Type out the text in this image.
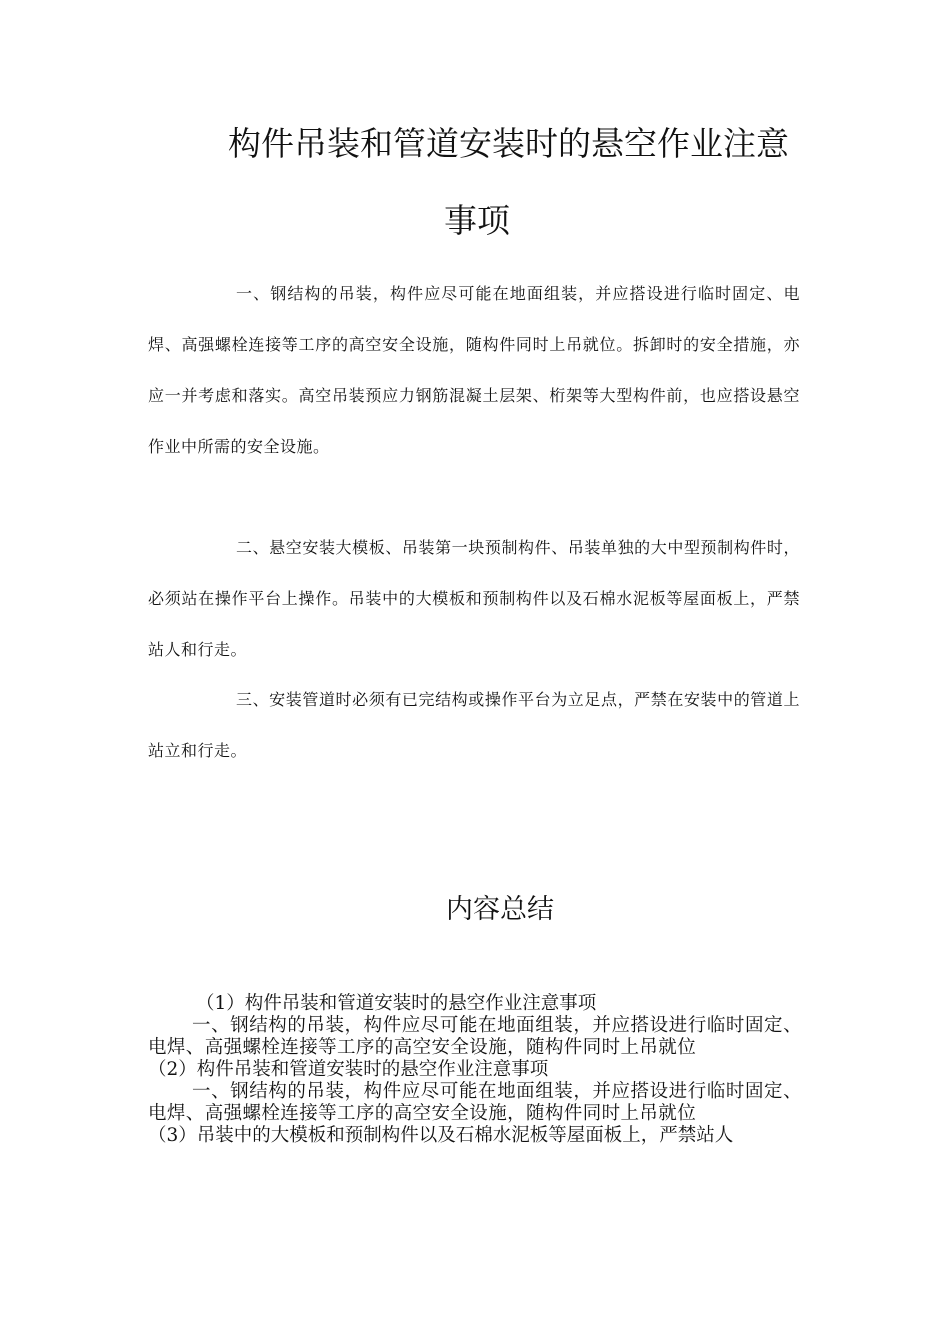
构件吊装和管道安装时的悬空作业注意
事项

一、钢结构的吊装，构件应尽可能在地面组装，并应搭设进行临时固定、电焊、高强螺栓连接等工序的高空安全设施，随构件同时上吊就位。拆卸时的安全措施，亦应一并考虑和落实。高空吊装预应力钢筋混凝土层架、桁架等大型构件前，也应搭设悬空作业中所需的安全设施。

二、悬空安装大模板、吊装第一块预制构件、吊装单独的大中型预制构件时，必须站在操作平台上操作。吊装中的大模板和预制构件以及石棉水泥板等屋面板上，严禁站人和行走。

三、安装管道时必须有已完结构或操作平台为立足点，严禁在安装中的管道上站立和行走。

内容总结

（1）构件吊装和管道安装时的悬空作业注意事项

一、钢结构的吊装，构件应尽可能在地面组装，并应搭设进行临时固定、电焊、高强螺栓连接等工序的高空安全设施，随构件同时上吊就位

（2）构件吊装和管道安装时的悬空作业注意事项

一、钢结构的吊装，构件应尽可能在地面组装，并应搭设进行临时固定、电焊、高强螺栓连接等工序的高空安全设施，随构件同时上吊就位

（3）吊装中的大模板和预制构件以及石棉水泥板等屋面板上，严禁站人
